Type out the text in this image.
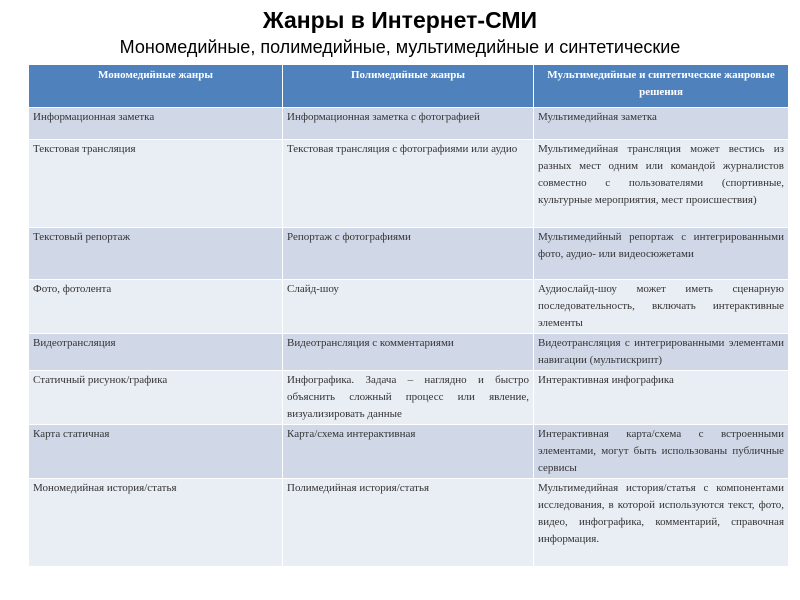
Жанры в Интернет-СМИ
Мономедийные, полимедийные, мультимедийные и синтетические
Мономедийные жанры	Полимедийные жанры	Мультимедийные и синтетические жанровые решения
Информационная заметка	Информационная заметка с фотографией	Мультимедийная заметка
Текстовая трансляция	Текстовая трансляция с фотографиями или аудио	Мультимедийная трансляция может вестись из разных мест одним или командой журналистов совместно с пользователями (спортивные, культурные мероприятия, мест происшествия)
Текстовый репортаж	Репортаж с фотографиями	Мультимедийный репортаж с интегрированными фото, аудио- или видеосюжетами
Фото, фотолента	Слайд-шоу	Аудиослайд-шоу может иметь сценарную последовательность, включать интерактивные элементы
Видеотрансляция	Видеотрансляция с комментариями	Видеотрансляция с интегрированными элементами навигации (мультискрипт)
Статичный рисунок/графика	Инфографика. Задача – наглядно и быстро объяснить сложный процесс или явление, визуализировать данные	Интерактивная инфографика
Карта статичная	Карта/схема интерактивная	Интерактивная карта/схема с встроенными элементами, могут быть использованы публичные сервисы
Мономедийная история/статья	Полимедийная история/статья	Мультимедийная история/статья с компонентами исследования, в которой используются текст, фото, видео, инфографика, комментарий, справочная информация.
